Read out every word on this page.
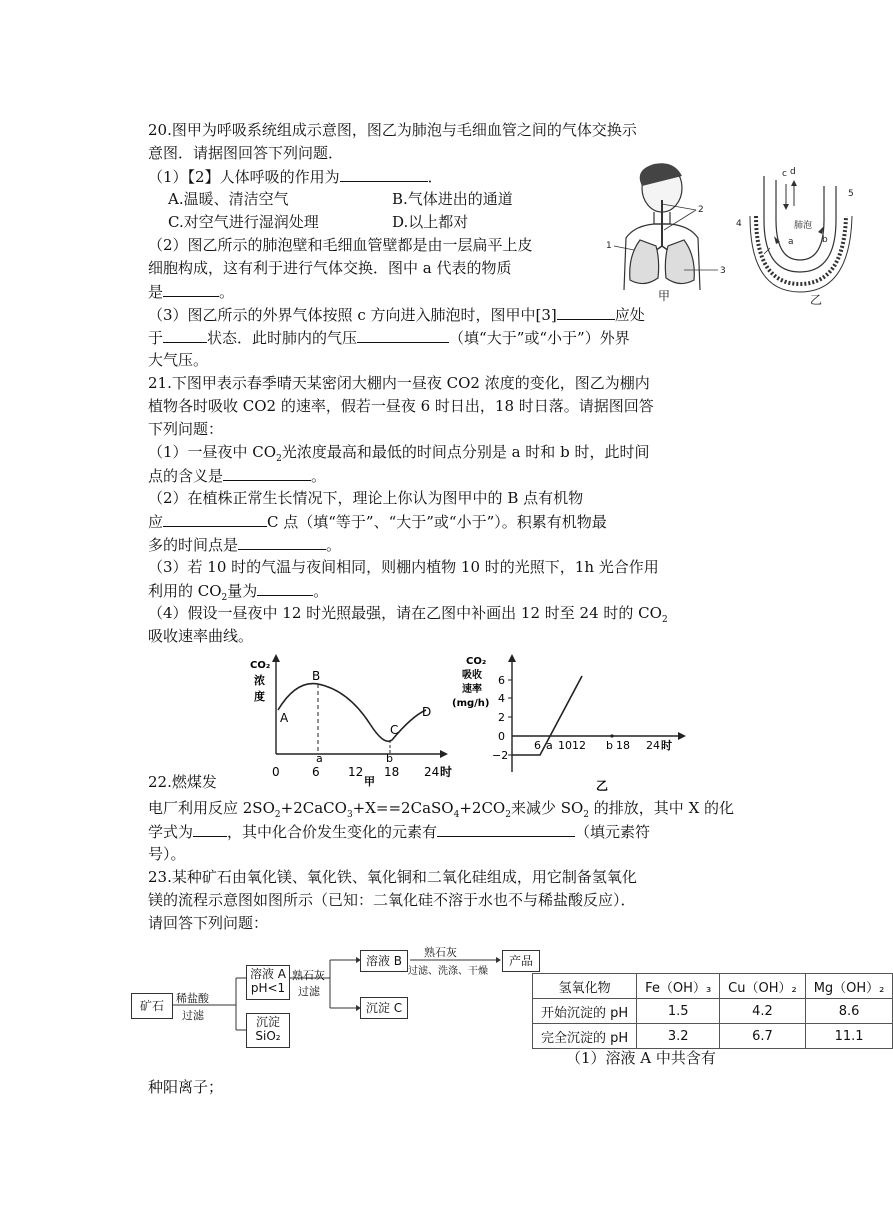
20.图甲为呼吸系统组成示意图，图乙为肺泡与毛细血管之间的气体交换示
意图．请据图回答下列问题．
（1）【2】人体呼吸的作用为	．
A.温暖、清洁空气	B.气体进出的通道
C.对空气进行湿润处理	D.以上都对
（2）图乙所示的肺泡壁和毛细血管壁都是由一层扁平上皮
细胞构成，这有利于进行气体交换．图中 a 代表的物质
是	。
（3）图乙所示的外界气体按照 c 方向进入肺泡时，图甲中[3]	应处
于	状态．此时肺内的气压	（填“大于”或“小于”）外界
大气压。
2
1
3
甲
c d
5
4	肺泡
b
a
乙
21.下图甲表示春季晴天某密闭大棚内一昼夜 CO2 浓度的变化，图乙为棚内
植物各时吸收 CO2 的速率，假若一昼夜 6 时日出，18 时日落。请据图回答
下列问题：
（1）一昼夜中 $CO_2$光浓度最高和最低的时间点分别是 a 时和 b 时，此时间
点的含义是	。
（2）在植株正常生长情况下，理论上你认为图甲中的 B 点有机物
应	C 点（填“等于”、“大于”或“小于”）。积累有机物最
多的时间点是	。
（3）若 10 时的气温与夜间相同，则棚内植物 10 时的光照下，1h 光合作用
利用的 $CO_2$量为	。
（4）假设一昼夜中 12 时光照最强，请在乙图中补画出 12 时至 24 时的 $CO_2$
吸收速率曲线。
CO₂
浓
度
A
B
C
D
a	b
0	6 12 18 24 时
甲
CO₂
吸收
速率
(mg/h)
6
4
2
0
−2
6 a 1012 b 18 24 时
乙
22.燃煤发
电厂利用反应 $2SO_2+2CaCO_3+X==2CaSO_4+2CO_2$来减少 $SO_2$ 的排放，其中 X 的化
学式为 ，其中化合价发生变化的元素有	（填元素符
号）。
23.某种矿石由氧化镁、氧化铁、氧化铜和二氧化硅组成，用它制备氢氧化
镁的流程示意图如图所示（已知：二氧化硅不溶于水也不与稀盐酸反应）．
请回答下列问题：
矿石
稀盐酸
过滤
溶液 A
pH<1
沉淀
SiO₂
熟石灰
过滤
溶液 B
沉淀 C
熟石灰
过滤、洗涤、干燥
产品
氢氧化物	Fe（OH）₃	Cu（OH）₂	Mg（OH）₂
开始沉淀的 pH	1.5	4.2	8.6
完全沉淀的 pH	3.2	6.7	11.1
（1）溶液 A 中共含有
种阳离子；
